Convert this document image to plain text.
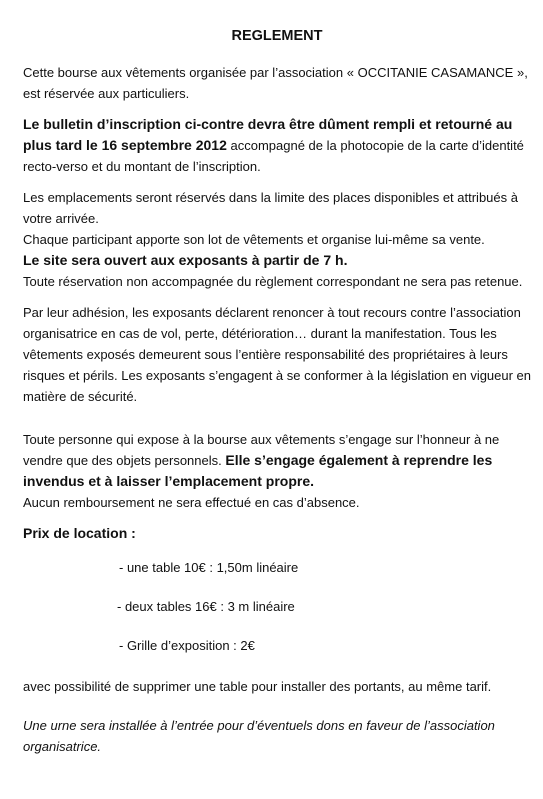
REGLEMENT

Cette bourse aux vêtements organisée par l’association « OCCITANIE CASAMANCE », est réservée aux particuliers.

Le bulletin d’inscription ci-contre devra être dûment rempli et retourné au plus tard le 16 septembre 2012 accompagné de la photocopie de la carte d’identité recto-verso et du montant de l’inscription.

Les emplacements seront réservés dans la limite des places disponibles et attribués à votre arrivée.

Chaque participant apporte son lot de vêtements et organise lui-même sa vente.

Le site sera ouvert aux exposants à partir de 7 h.

Toute réservation non accompagnée du règlement correspondant ne sera pas retenue.

Par leur adhésion, les exposants déclarent renoncer à tout recours contre l’association organisatrice en cas de vol, perte, détérioration… durant la manifestation. Tous les vêtements exposés demeurent sous l’entière responsabilité des propriétaires à leurs risques et périls. Les exposants s’engagent à se conformer à la législation en vigueur en matière de sécurité.

Toute personne qui expose à la bourse aux vêtements s’engage sur l’honneur à ne vendre que des objets personnels. Elle s’engage également à reprendre les invendus et à laisser l’emplacement propre.

Aucun remboursement ne sera effectué en cas d’absence.

Prix de location :

- une table 10€ : 1,50m linéaire
- deux tables 16€ : 3 m linéaire
- Grille d’exposition : 2€

avec possibilité de supprimer une table pour installer des portants, au même tarif.

Une urne sera installée à l’entrée pour d’éventuels dons en faveur de l’association organisatrice.
